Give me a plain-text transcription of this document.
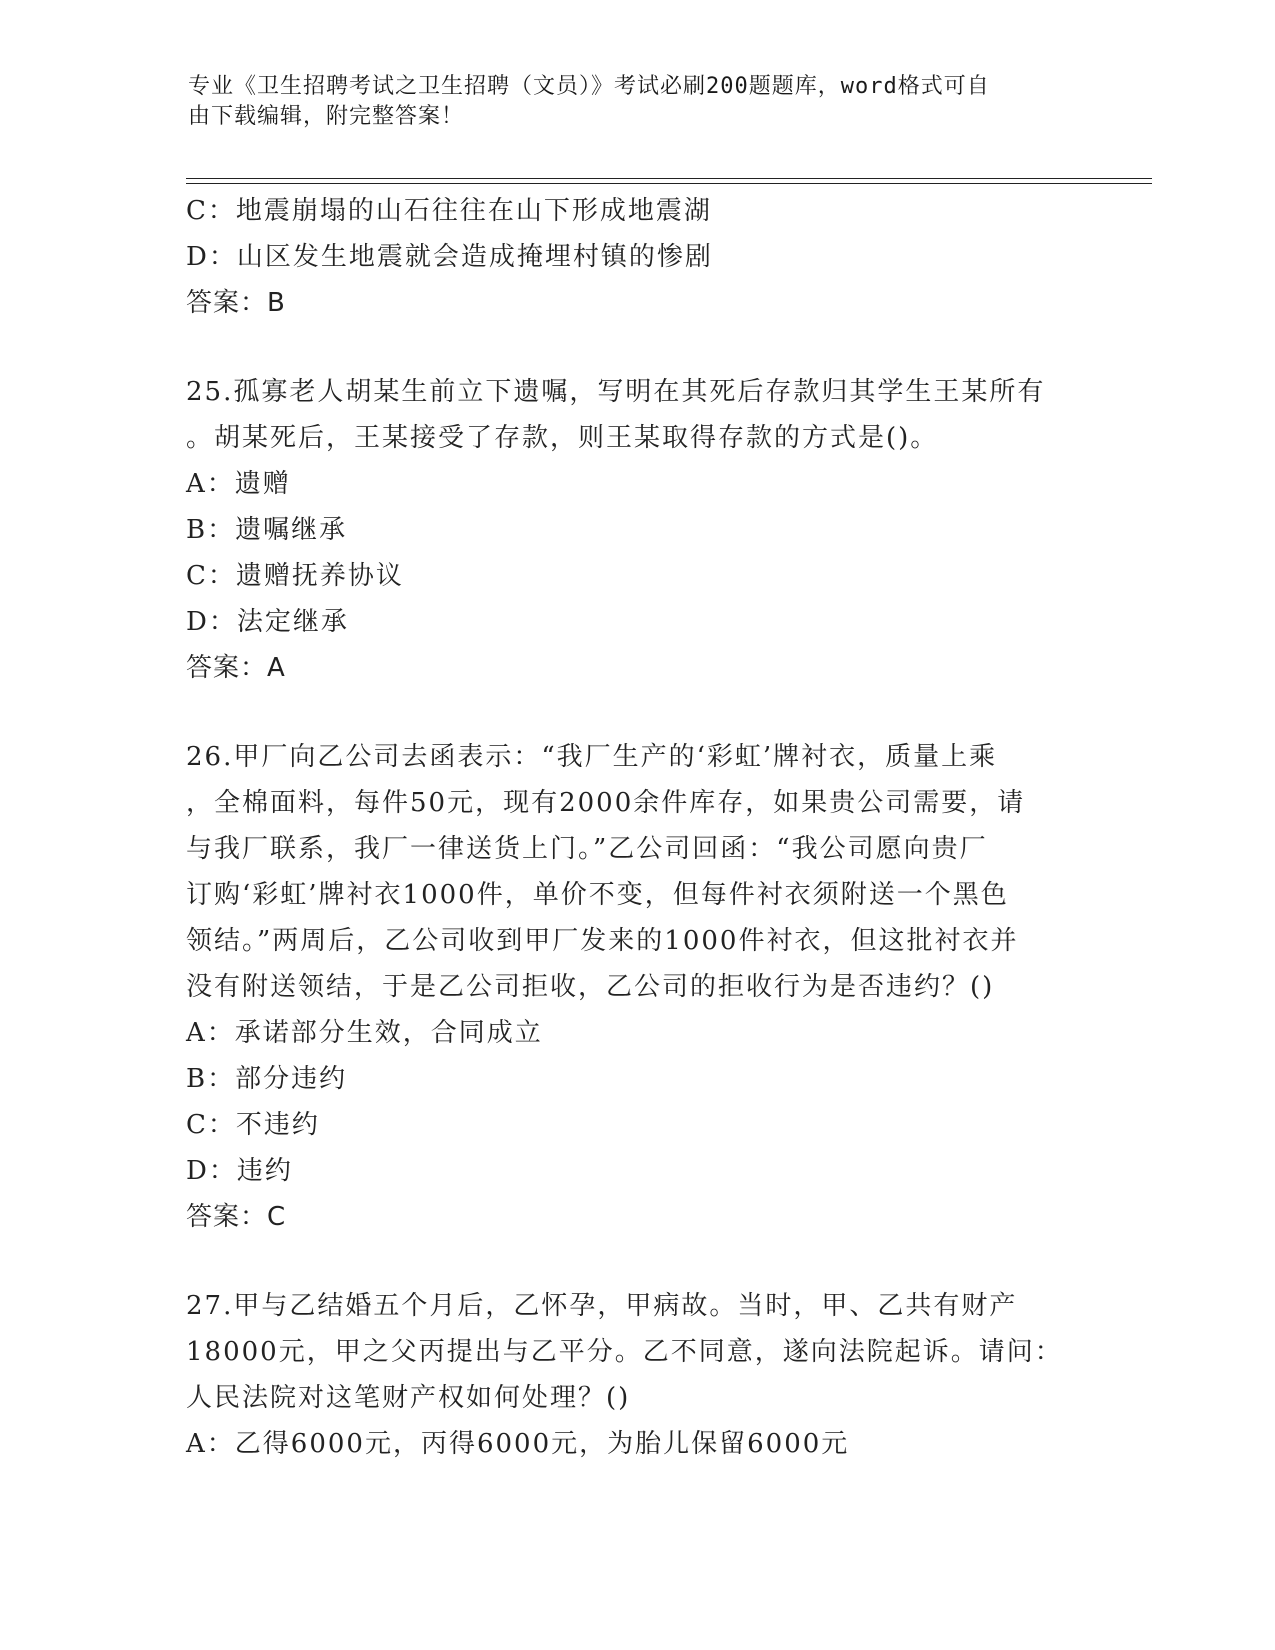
专业《卫生招聘考试之卫生招聘（文员）》考试必刷200题题库，word格式可自
由下载编辑，附完整答案！
C：地震崩塌的山石往往在山下形成地震湖
D：山区发生地震就会造成掩埋村镇的惨剧
答案：B
25.孤寡老人胡某生前立下遗嘱，写明在其死后存款归其学生王某所有
。胡某死后，王某接受了存款，则王某取得存款的方式是()。
A：遗赠
B：遗嘱继承
C：遗赠抚养协议
D：法定继承
答案：A
26.甲厂向乙公司去函表示：“我厂生产的‘彩虹’牌衬衣，质量上乘
，全棉面料，每件50元，现有2000余件库存，如果贵公司需要，请
与我厂联系，我厂一律送货上门。”乙公司回函：“我公司愿向贵厂
订购‘彩虹’牌衬衣1000件，单价不变，但每件衬衣须附送一个黑色
领结。”两周后，乙公司收到甲厂发来的1000件衬衣，但这批衬衣并
没有附送领结，于是乙公司拒收，乙公司的拒收行为是否违约？()
A：承诺部分生效，合同成立
B：部分违约
C：不违约
D：违约
答案：C
27.甲与乙结婚五个月后，乙怀孕，甲病故。当时，甲、乙共有财产
18000元，甲之父丙提出与乙平分。乙不同意，遂向法院起诉。请问：
人民法院对这笔财产权如何处理？()
A：乙得6000元，丙得6000元，为胎儿保留6000元
